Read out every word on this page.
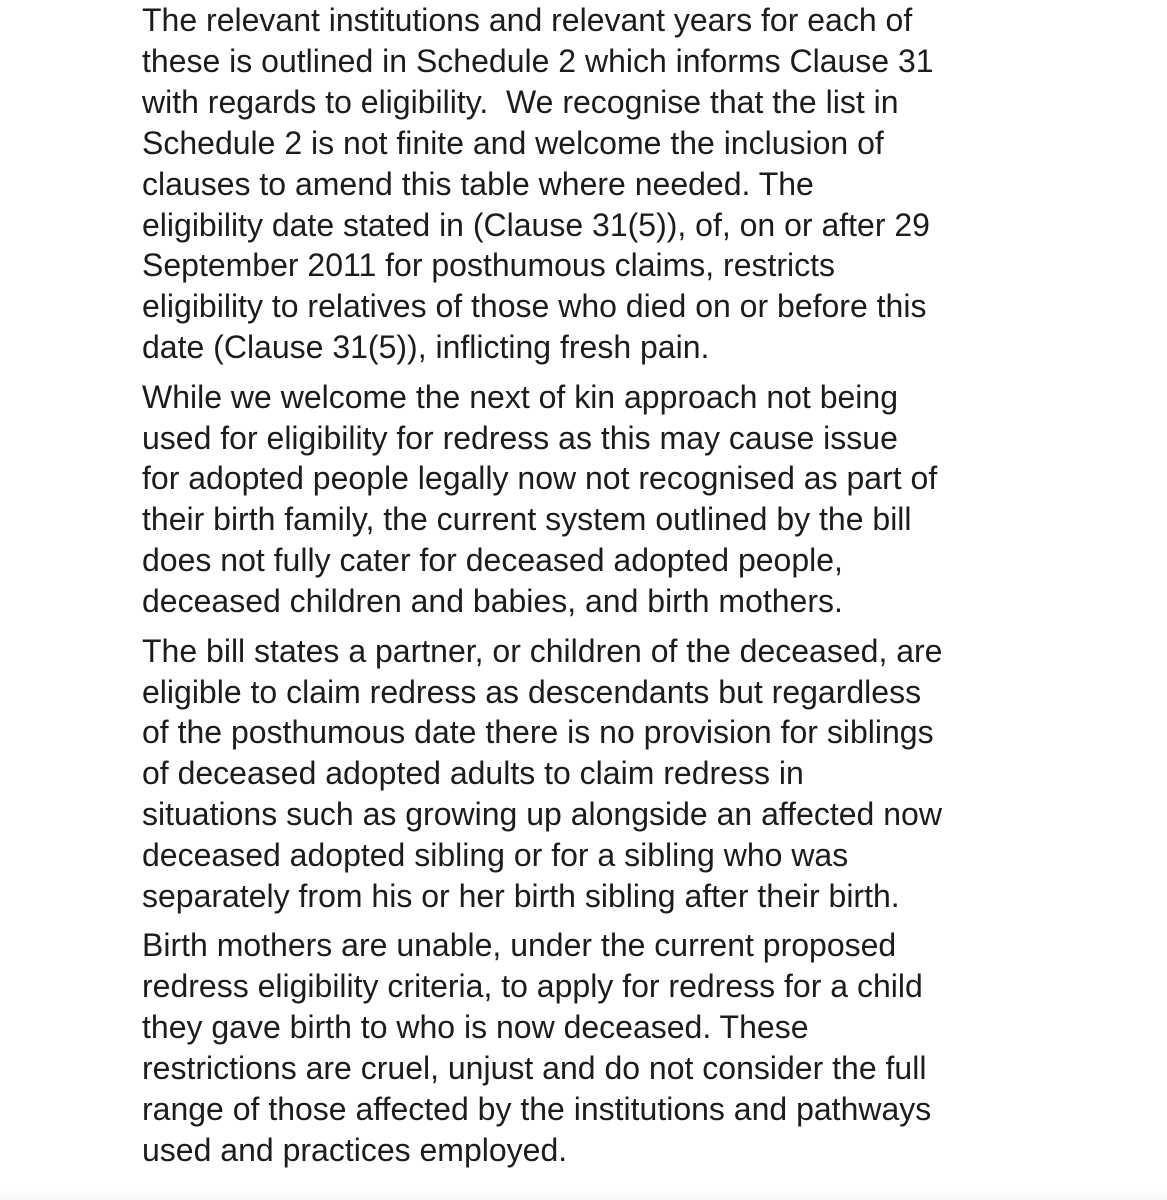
The relevant institutions and relevant years for each of
these is outlined in Schedule 2 which informs Clause 31
with regards to eligibility.  We recognise that the list in
Schedule 2 is not finite and welcome the inclusion of
clauses to amend this table where needed. The
eligibility date stated in (Clause 31(5)), of, on or after 29
September 2011 for posthumous claims, restricts
eligibility to relatives of those who died on or before this
date (Clause 31(5)), inflicting fresh pain.

While we welcome the next of kin approach not being
used for eligibility for redress as this may cause issue
for adopted people legally now not recognised as part of
their birth family, the current system outlined by the bill
does not fully cater for deceased adopted people,
deceased children and babies, and birth mothers.

The bill states a partner, or children of the deceased, are
eligible to claim redress as descendants but regardless
of the posthumous date there is no provision for siblings
of deceased adopted adults to claim redress in
situations such as growing up alongside an affected now
deceased adopted sibling or for a sibling who was
separately from his or her birth sibling after their birth.

Birth mothers are unable, under the current proposed
redress eligibility criteria, to apply for redress for a child
they gave birth to who is now deceased. These
restrictions are cruel, unjust and do not consider the full
range of those affected by the institutions and pathways
used and practices employed.
